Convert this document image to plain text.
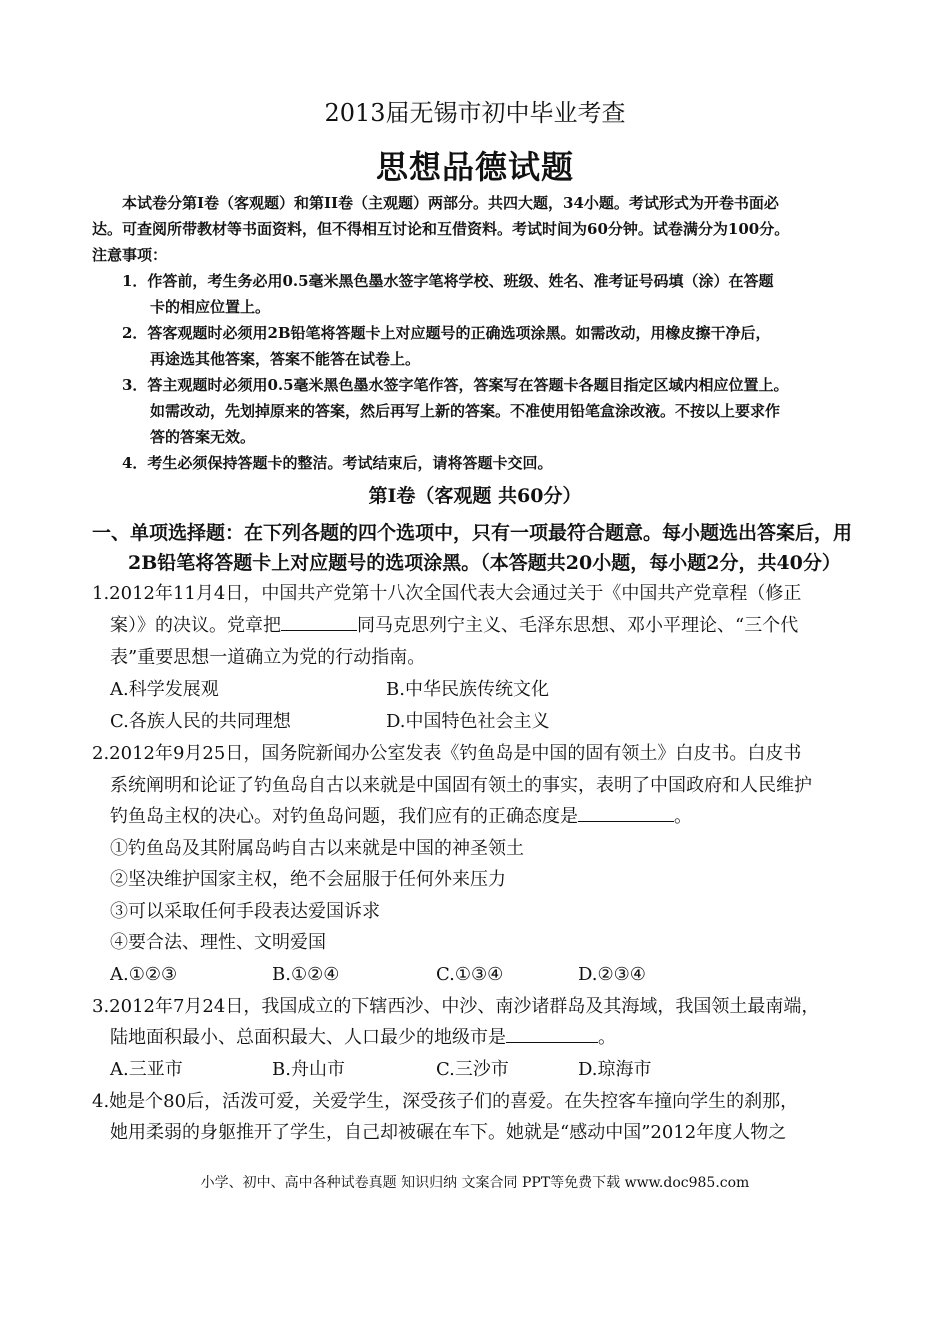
2013届无锡市初中毕业考查
思想品德试题
本试卷分第I卷（客观题）和第II卷（主观题）两部分。共四大题，34小题。考试形式为开卷书面必
达。可查阅所带教材等书面资料，但不得相互讨论和互借资料。考试时间为60分钟。试卷满分为100分。
注意事项：
1．作答前，考生务必用0.5毫米黑色墨水签字笔将学校、班级、姓名、准考证号码填（涂）在答题
卡的相应位置上。
2．答客观题时必须用2B铅笔将答题卡上对应题号的正确选项涂黑。如需改动，用橡皮擦干净后，
再途选其他答案，答案不能答在试卷上。
3．答主观题时必须用0.5毫米黑色墨水签字笔作答，答案写在答题卡各题目指定区域内相应位置上。
如需改动，先划掉原来的答案，然后再写上新的答案。不准使用铅笔盒涂改液。不按以上要求作
答的答案无效。
4．考生必须保持答题卡的整洁。考试结束后，请将答题卡交回。
第I卷（客观题 共60分）
一、单项选择题：在下列各题的四个选项中，只有一项最符合题意。每小题选出答案后，用
2B铅笔将答题卡上对应题号的选项涂黑。（本答题共20小题，每小题2分，共40分）
1.2012年11月4日，中国共产党第十八次全国代表大会通过关于《中国共产党章程（修正
案）》的决议。党章把	同马克思列宁主义、毛泽东思想、邓小平理论、“三个代
表”重要思想一道确立为党的行动指南。
A.科学发展观	B.中华民族传统文化
C.各族人民的共同理想	D.中国特色社会主义
2.2012年9月25日，国务院新闻办公室发表《钓鱼岛是中国的固有领土》白皮书。白皮书
系统阐明和论证了钓鱼岛自古以来就是中国固有领土的事实，表明了中国政府和人民维护
钓鱼岛主权的决心。对钓鱼岛问题，我们应有的正确态度是	。
①钓鱼岛及其附属岛屿自古以来就是中国的神圣领土
②坚决维护国家主权，绝不会屈服于任何外来压力
③可以采取任何手段表达爱国诉求
④要合法、理性、文明爱国
A.①②③	B.①②④	C.①③④	D.②③④
3.2012年7月24日，我国成立的下辖西沙、中沙、南沙诸群岛及其海域，我国领土最南端，
陆地面积最小、总面积最大、人口最少的地级市是	。
A.三亚市	B.舟山市	C.三沙市	D.琼海市
4.她是个80后，活泼可爱，关爱学生，深受孩子们的喜爱。在失控客车撞向学生的刹那，
她用柔弱的身躯推开了学生，自己却被碾在车下。她就是“感动中国”2012年度人物之
小学、初中、高中各种试卷真题 知识归纳 文案合同 PPT等免费下载 www.doc985.com
